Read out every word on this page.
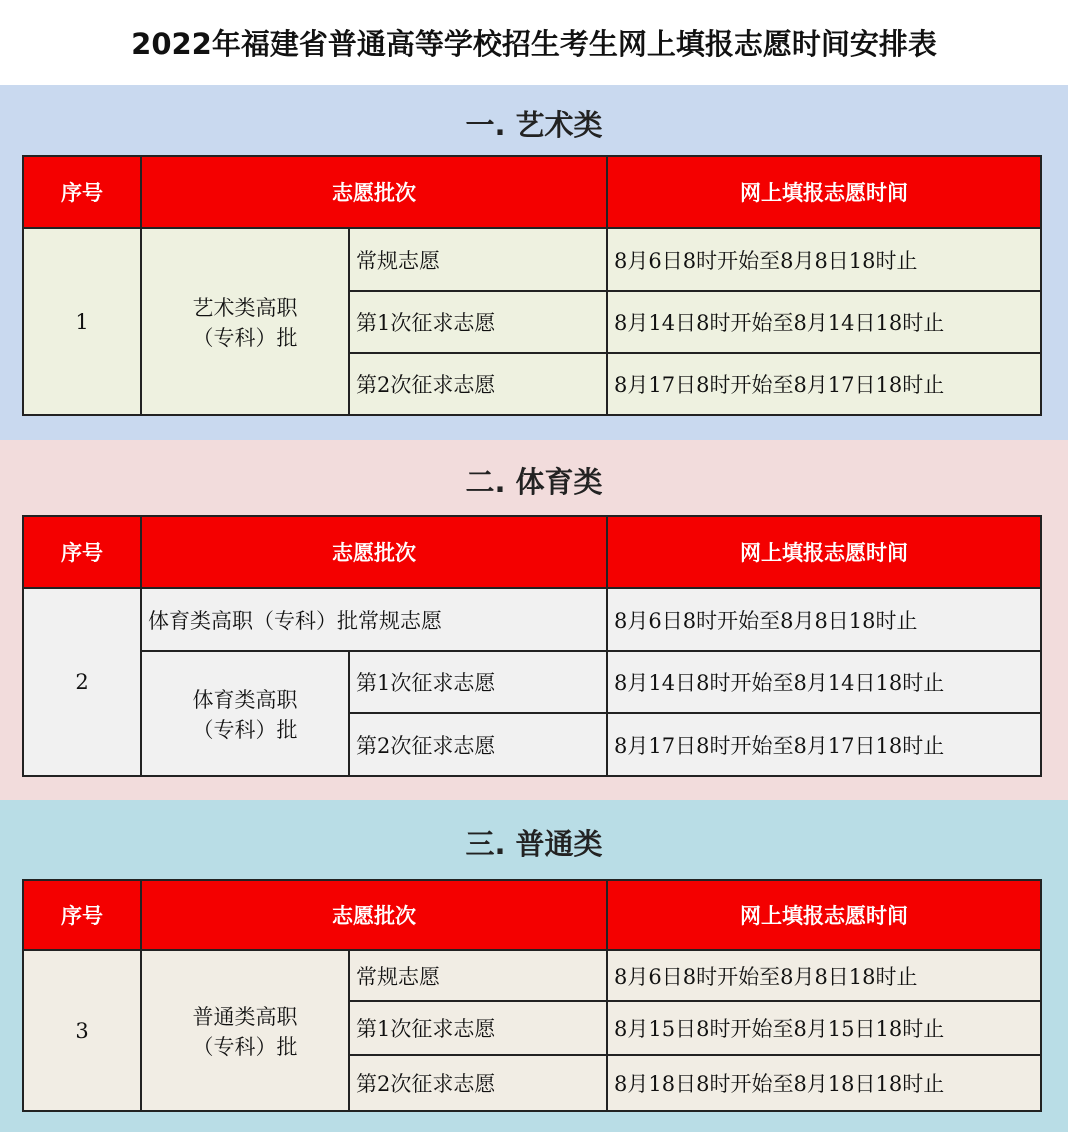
2022年福建省普通高等学校招生考生网上填报志愿时间安排表
一. 艺术类
序号	志愿批次		网上填报志愿时间
1	艺术类高职（专科）批	常规志愿	8月6日8时开始至8月8日18时止
		第1次征求志愿	8月14日8时开始至8月14日18时止
		第2次征求志愿	8月17日8时开始至8月17日18时止
二. 体育类
序号	志愿批次		网上填报志愿时间
2	体育类高职（专科）批常规志愿		8月6日8时开始至8月8日18时止
	体育类高职（专科）批	第1次征求志愿	8月14日8时开始至8月14日18时止
		第2次征求志愿	8月17日8时开始至8月17日18时止
三. 普通类
序号	志愿批次		网上填报志愿时间
3	普通类高职（专科）批	常规志愿	8月6日8时开始至8月8日18时止
		第1次征求志愿	8月15日8时开始至8月15日18时止
		第2次征求志愿	8月18日8时开始至8月18日18时止
